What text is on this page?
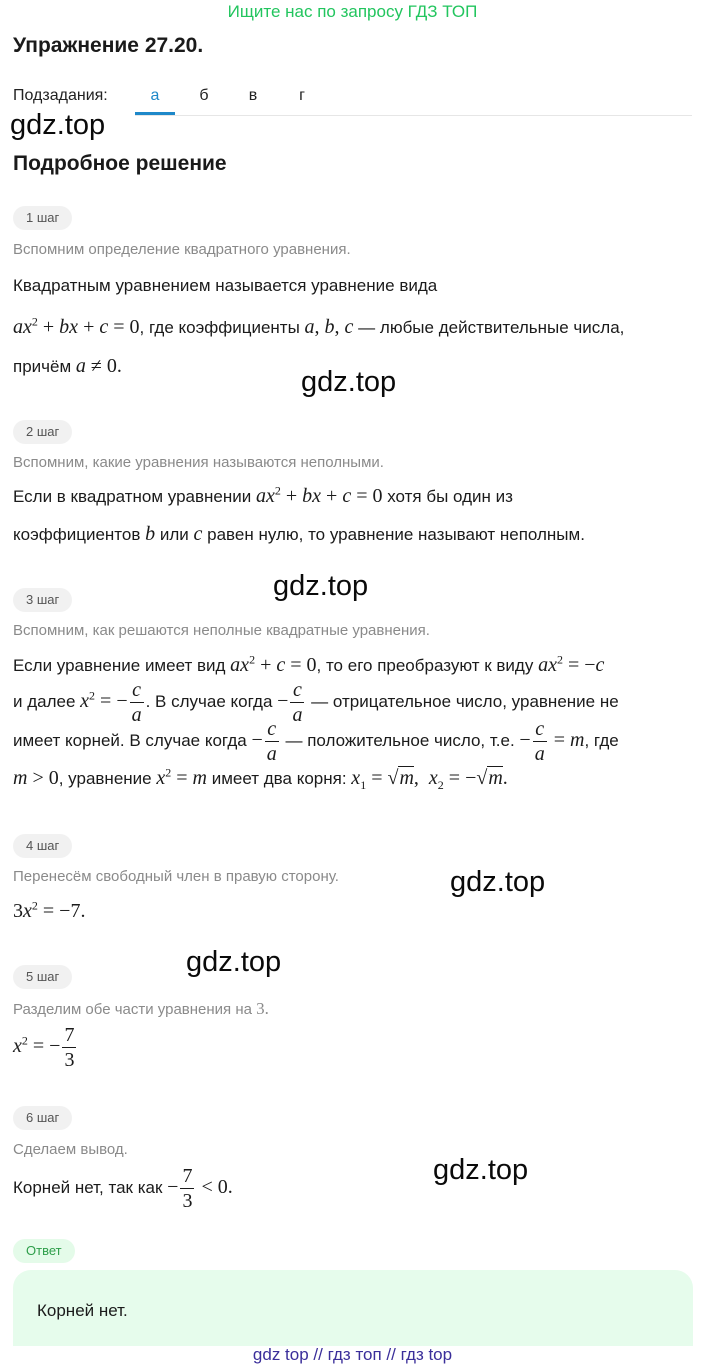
Ищите нас по запросу ГДЗ ТОП
Упражнение 27.20.
Подзадания:	а	б	в	г
gdz.top
Подробное решение
1 шаг
Вспомним определение квадратного уравнения.
Квадратным уравнением называется уравнение вида
$ax^2$ + bx + c = 0, где коэффициенты a, b, c — любые действительные числа,
причём a ≠ 0.	gdz.top
2 шаг
Вспомним, какие уравнения называются неполными.
Если в квадратном уравнении $ax^2$ + bx + c = 0 хотя бы один из
коэффициентов b или c равен нулю, то уравнение называют неполным.
gdz.top
3 шаг
Вспомним, как решаются неполные квадратные уравнения.
Если уравнение имеет вид $ax^2 + c = 0$, то его преобразуют к виду $ax^2 = -c$
и далее $x^2$ = − $\frac{c}{a}$ . В случае когда − $\frac{c}{a}$ — отрицательное число, уравнение не
имеет корней. В случае когда − $\frac{c}{a}$ — положительное число, т.е. − $\frac{c}{a} = m$, где
m > 0, уравнение $x^2 = m$ имеет два корня: $x_1 = √m$,  $x_2 = -√m$.
4 шаг
Перенесём свободный член в правую сторону.	gdz.top
$3x^2 = -7$.
gdz.top
5 шаг
Разделим обе части уравнения на 3.
$x^2$ = − $\frac{7}{3}$
6 шаг
Сделаем вывод.
gdz.top
Корней нет, так как − $\frac{7}{3} < 0$.
Ответ
Корней нет.
gdz top // гдз топ // гдз top
